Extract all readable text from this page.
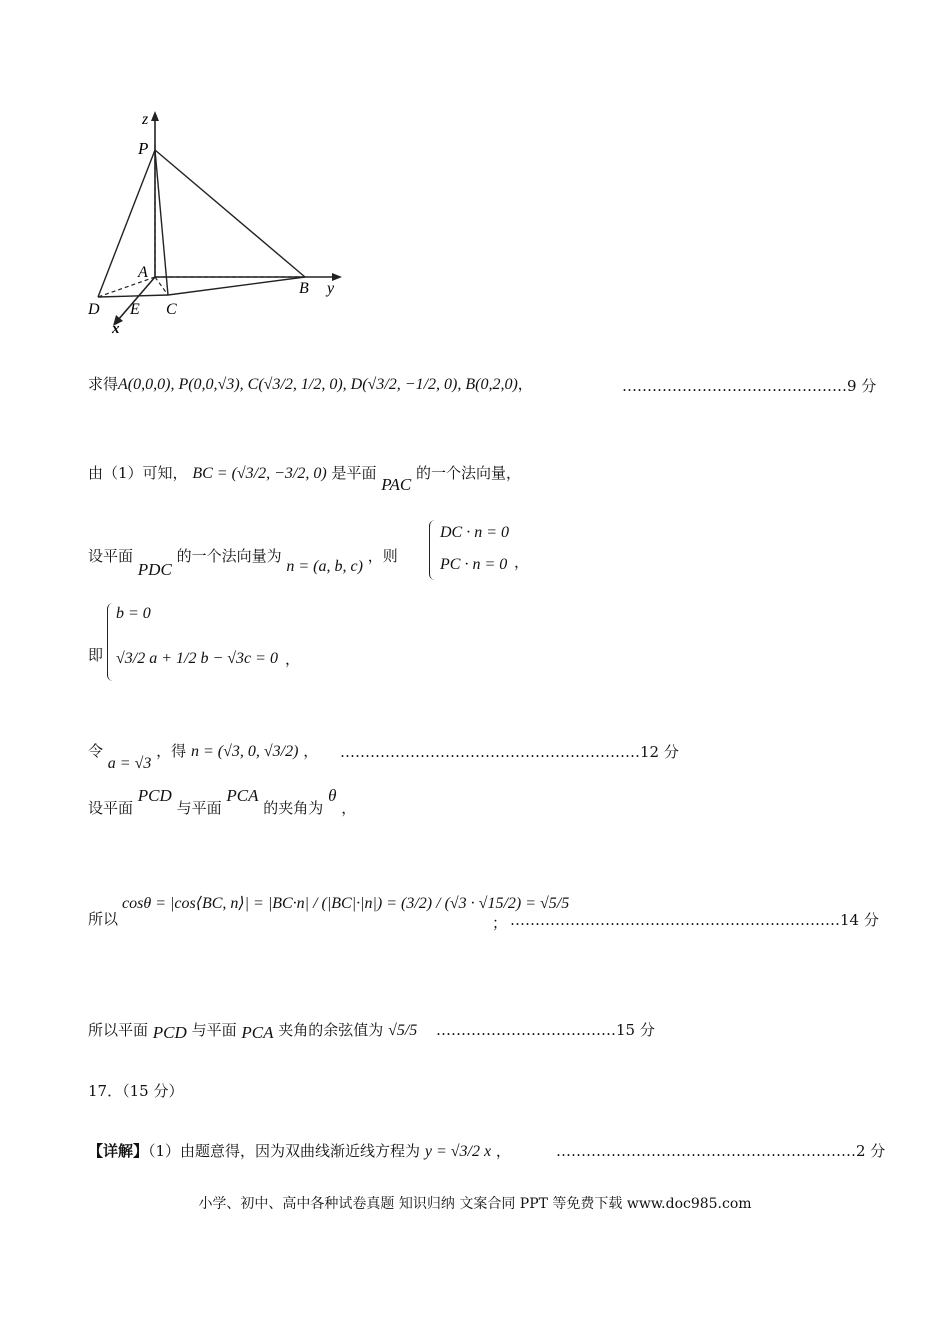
z
P
A
B y
D E C
x
求得A(0,0,0), P(0,0,√3), C(√3/2, 1/2, 0), D(√3/2, −1/2, 0), B(0,2,0)，	………………………………………9 分
由（1）可知， BC = (√3/2, −3/2, 0) 是平面 PAC 的一个法向量，
设平面 PDC 的一个法向量为 n = (a, b, c) ，则
DC · n = 0
PC · n = 0 ，
即
b = 0
√3/2 a + 1/2 b − √3c = 0 ，
令 a = √3 ，得 n = (√3, 0, √3/2) ， ……………………………………………………12 分
设平面 PCD 与平面 PCA 的夹角为 θ ，
所以
cosθ = |cos⟨BC, n⟩| = |BC·n| / (|BC|·|n|) = (3/2) / (√3 · √15/2) = √5/5
； …………………………………………………………14 分
所以平面 PCD 与平面 PCA 夹角的余弦值为 √5/5 ………………………………15 分
17．（15 分）
【详解】（1）由题意得，因为双曲线渐近线方程为 y = √3/2 x ，	……………………………………………………2 分
小学、初中、高中各种试卷真题 知识归纳 文案合同 PPT 等免费下载 www.doc985.com
